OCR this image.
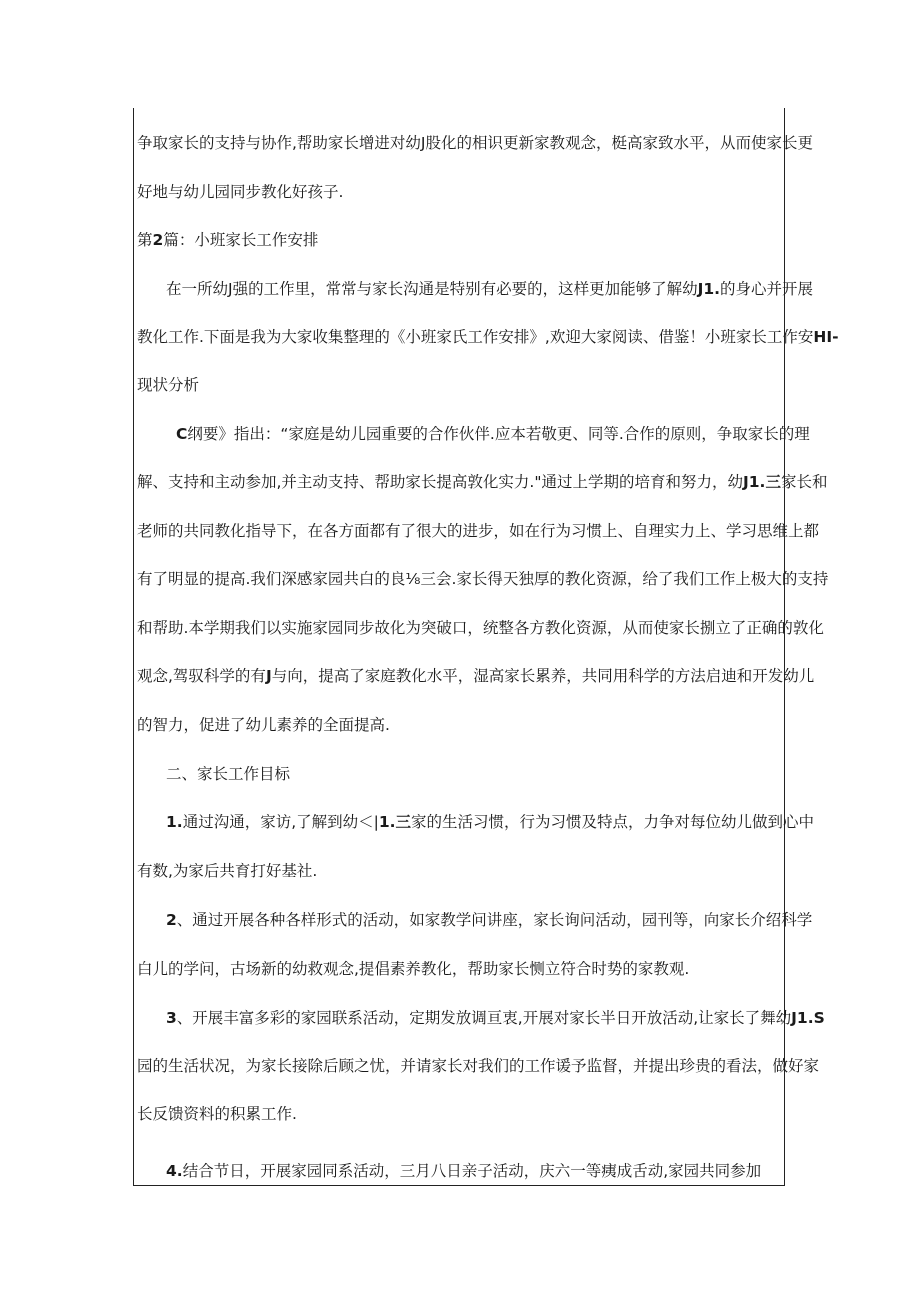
争取家长的支持与协作,帮助家长增进对幼J股化的相识更新家教观念，梃高家致水平，从而使家长更
好地与幼儿园同步教化好孩子.
第2篇：小班家长工作安排
在一所幼J强的工作里，常常与家长沟通是特别有必要的，这样更加能够了解幼J1.的身心并开展
教化工作.下面是我为大家收集整理的《小班家氏工作安排》,欢迎大家阅读、借鉴！小班家长工作安HI-
现状分析
C纲要》指出：“家庭是幼儿园重要的合作伙伴.应本若敬更、同等.合作的原则，争取家长的理
解、支持和主动参加,并主动支持、帮助家长提高敦化实力."通过上学期的培育和努力，幼J1.三家长和
老师的共同教化指导下，在各方面都有了很大的进步，如在行为习惯上、自理实力上、学习思维上都
有了明显的提高.我们深感家园共白的良⅛三会.家长得天独厚的教化资源，给了我们工作上极大的支持
和帮助.本学期我们以实施家园同步故化为突破口，统整各方教化资源，从而使家长捌立了正确的敦化
观念,驾驭科学的有J与向，提高了家庭教化水平，湿高家长累养，共同用科学的方法启迪和开发幼儿
的智力，促进了幼儿素养的全面提高.
二、家长工作目标
1.通过沟通，家访,了解到幼＜|1.三家的生活习惯，行为习惯及特点，力争对每位幼儿做到心中
有数,为家后共育打好基社.
2、通过开展各种各样形式的活动，如家教学问讲座，家长询问活动，园刊等，向家长介绍科学
白儿的学问，古场新的幼救观念,提倡素养教化，帮助家长恻立符合时势的家教观.
3、开展丰富多彩的家园联系活动，定期发放调亘衷,开展对家长半日开放活动,让家长了舞幼J1.S
园的生活状况，为家长接除后顾之忧，并请家长对我们的工作谖予监督，并提出珍贵的看法，做好家
长反馈资料的积累工作.
4.结合节日，开展家园同系活动，三月八日亲子活动，庆六一等痍成舌动,家园共同参加
